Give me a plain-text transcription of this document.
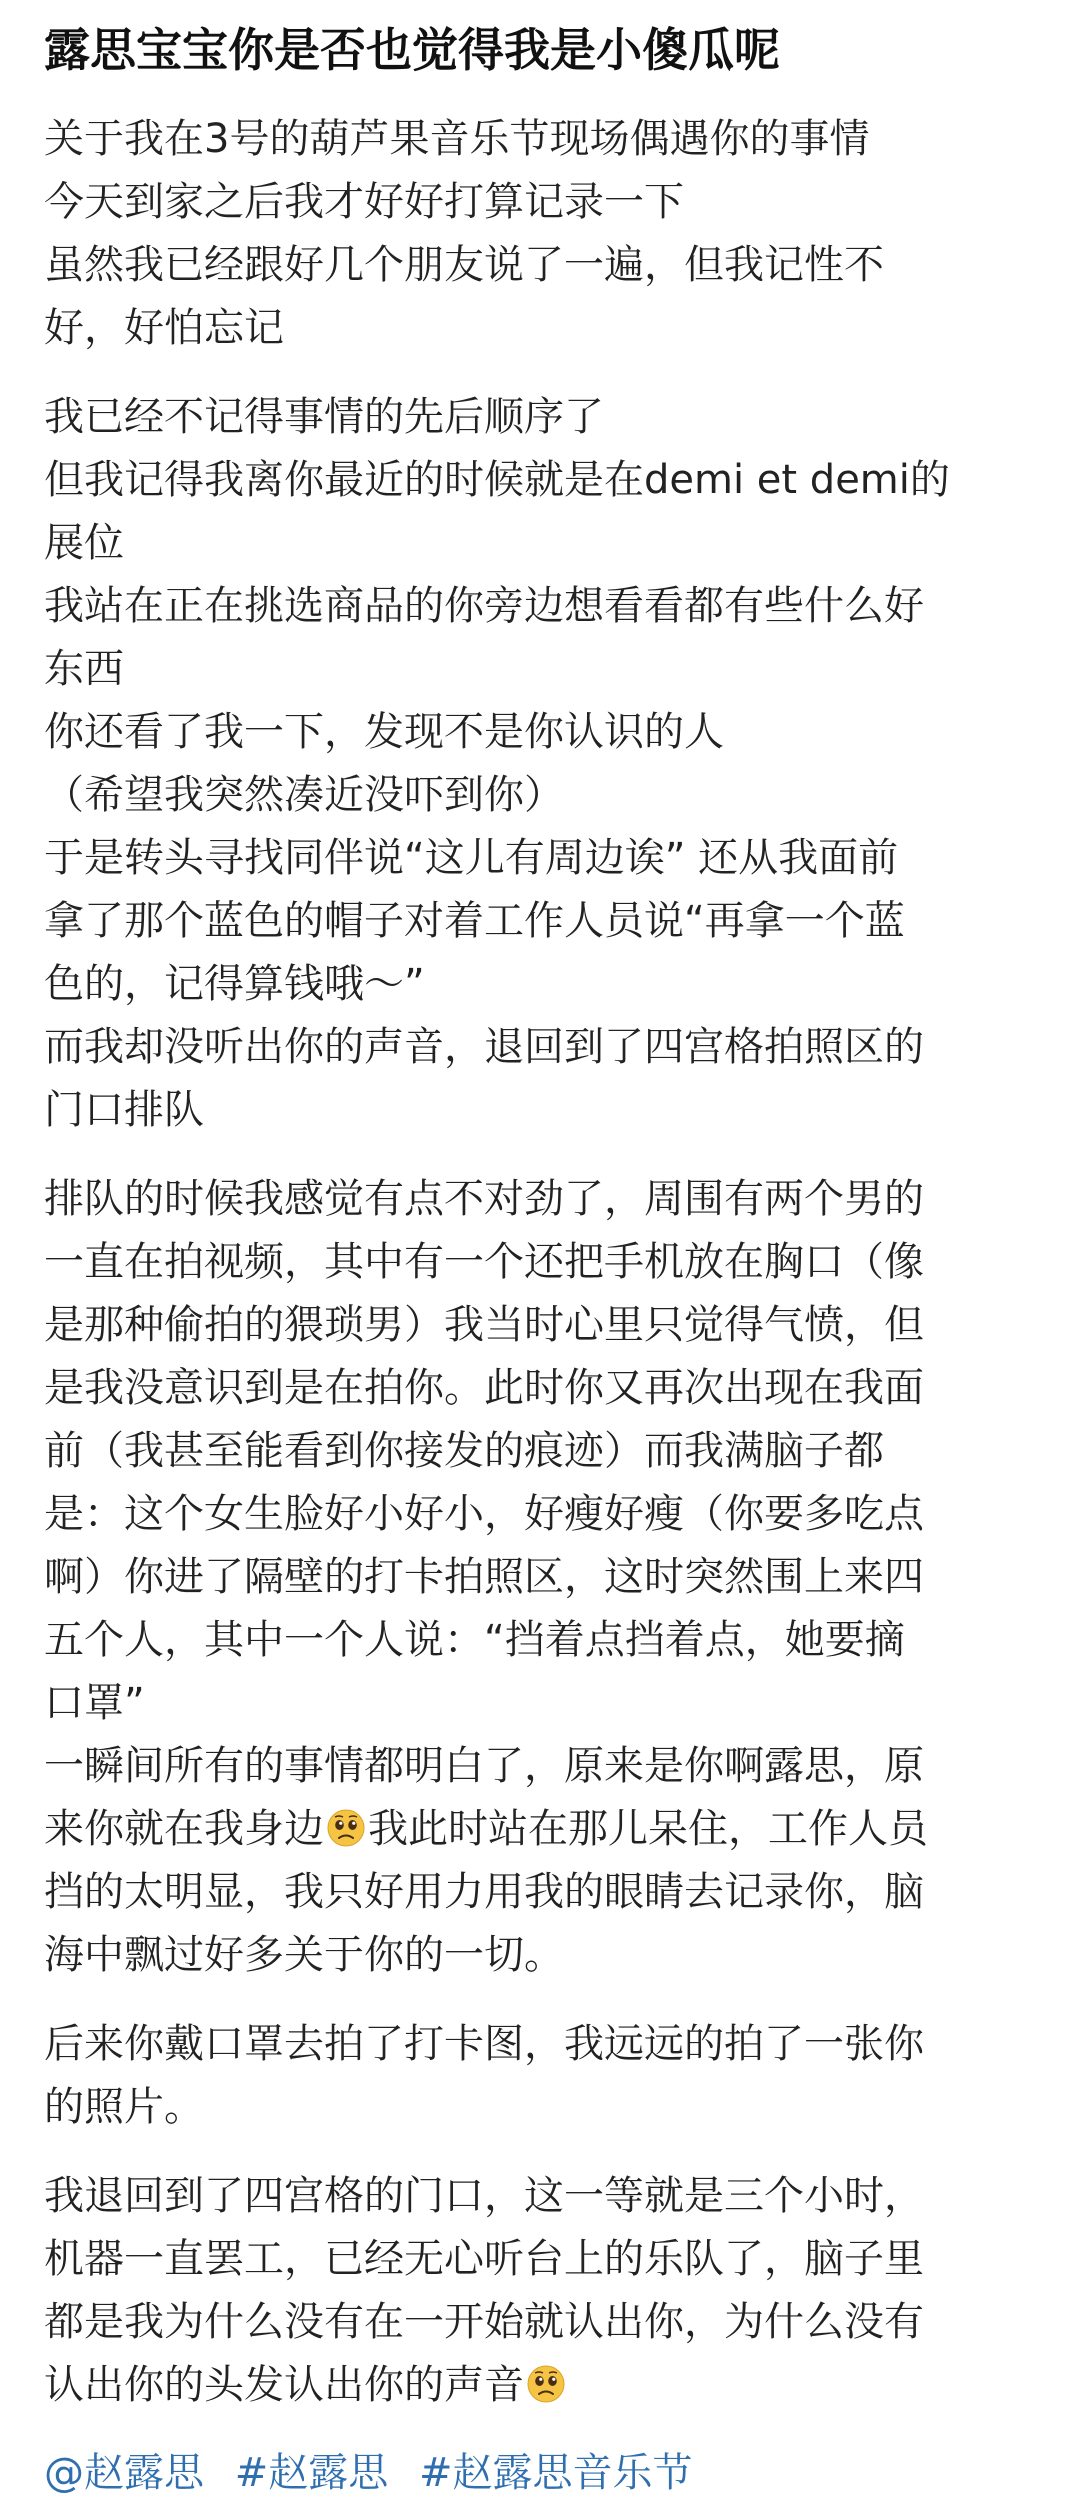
露思宝宝你是否也觉得我是小傻瓜呢
关于我在3号的葫芦果音乐节现场偶遇你的事情
今天到家之后我才好好打算记录一下
虽然我已经跟好几个朋友说了一遍，但我记性不
好，好怕忘记
我已经不记得事情的先后顺序了
但我记得我离你最近的时候就是在demi et demi的
展位
我站在正在挑选商品的你旁边想看看都有些什么好
东西
你还看了我一下，发现不是你认识的人
（希望我突然凑近没吓到你）
于是转头寻找同伴说“这儿有周边诶” 还从我面前
拿了那个蓝色的帽子对着工作人员说“再拿一个蓝
色的，记得算钱哦～”
而我却没听出你的声音，退回到了四宫格拍照区的
门口排队
排队的时候我感觉有点不对劲了，周围有两个男的
一直在拍视频，其中有一个还把手机放在胸口（像
是那种偷拍的猥琐男）我当时心里只觉得气愤，但
是我没意识到是在拍你。此时你又再次出现在我面
前（我甚至能看到你接发的痕迹）而我满脑子都
是：这个女生脸好小好小，好瘦好瘦（你要多吃点
啊）你进了隔壁的打卡拍照区，这时突然围上来四
五个人，其中一个人说：“挡着点挡着点，她要摘
口罩”
一瞬间所有的事情都明白了，原来是你啊露思，原
来你就在我身边 我此时站在那儿呆住，工作人员
挡的太明显，我只好用力用我的眼睛去记录你，脑
海中飘过好多关于你的一切。
后来你戴口罩去拍了打卡图，我远远的拍了一张你
的照片。
我退回到了四宫格的门口，这一等就是三个小时，
机器一直罢工，已经无心听台上的乐队了，脑子里
都是我为什么没有在一开始就认出你，为什么没有
认出你的头发认出你的声音
@赵露思 #赵露思 #赵露思音乐节
